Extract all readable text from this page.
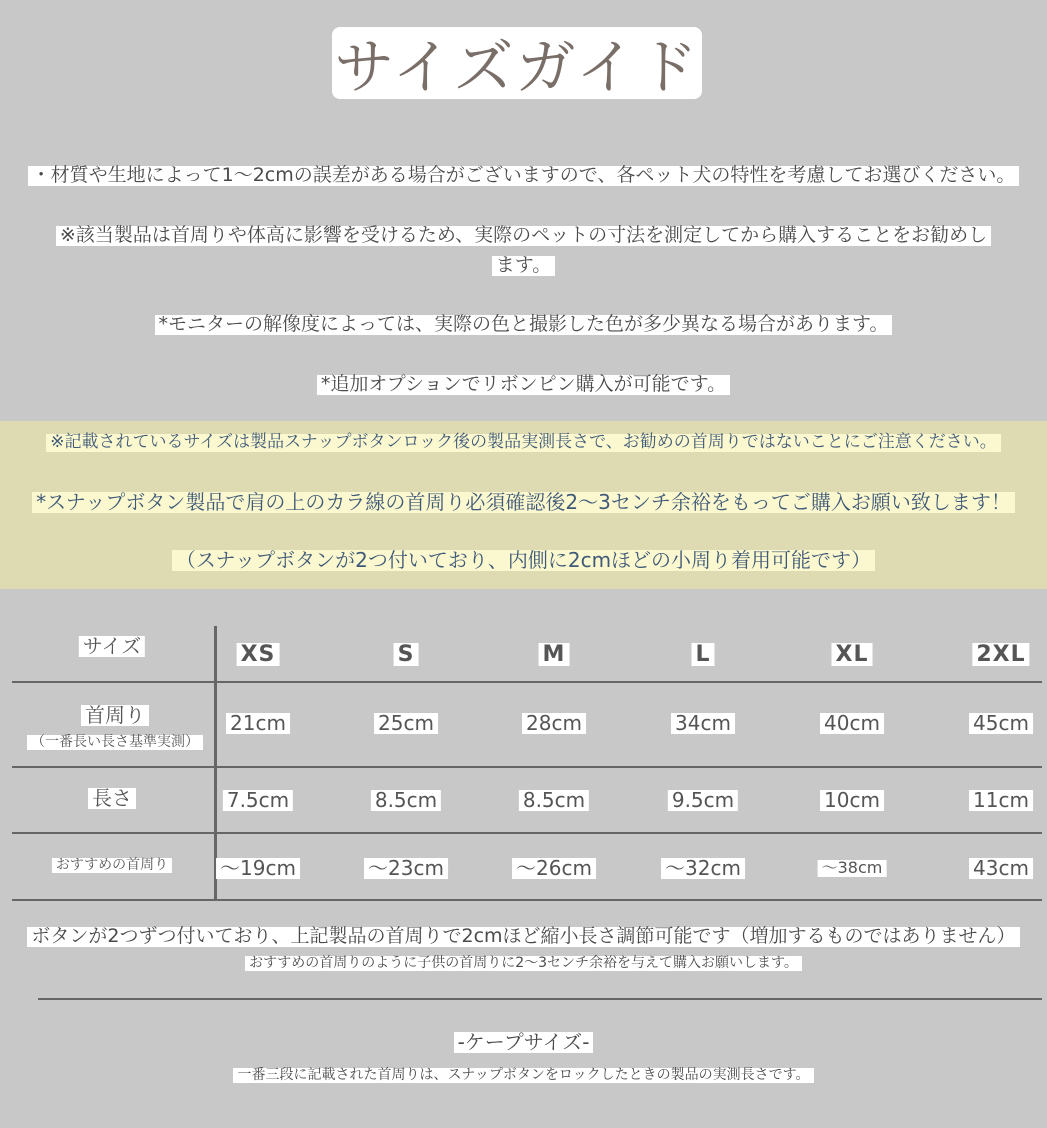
サイズガイド
・材質や生地によって1〜2cmの誤差がある場合がございますので、各ペット犬の特性を考慮してお選びください。
※該当製品は首周りや体高に影響を受けるため、実際のペットの寸法を測定してから購入することをお勧めし
ます。
*モニターの解像度によっては、実際の色と撮影した色が多少異なる場合があります。
*追加オプションでリボンピン購入が可能です。
※記載されているサイズは製品スナップボタンロック後の製品実測長さで、お勧めの首周りではないことにご注意ください。
*スナップボタン製品で肩の上のカラ線の首周り必須確認後2〜3センチ余裕をもってご購入お願い致します！
（スナップボタンが2つ付いており、内側に2cmほどの小周り着用可能です）
サイズ	XS	S	M	L	XL	2XL
首周り
（一番長い長さ基準実測）
21cm	25cm	28cm	34cm	40cm	45cm
長さ	7.5cm	8.5cm	8.5cm	9.5cm	10cm	11cm
おすすめの首周り	〜19cm	〜23cm	〜26cm	〜32cm	〜38cm	43cm
ボタンが2つずつ付いており、上記製品の首周りで2cmほど縮小長さ調節可能です（増加するものではありません）
おすすめの首周りのように子供の首周りに2〜3センチ余裕を与えて購入お願いします。
-ケープサイズ-
一番三段に記載された首周りは、スナップボタンをロックしたときの製品の実測長さです。
